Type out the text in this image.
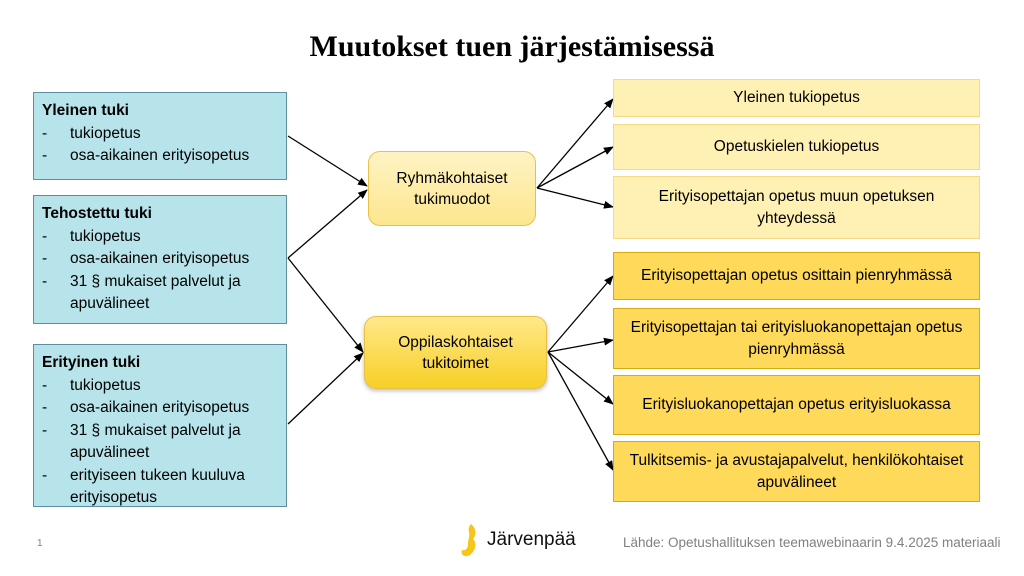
Muutokset tuen järjestämisessä
Yleinen tuki
- tukiopetus
- osa-aikainen erityisopetus
Tehostettu tuki
- tukiopetus
- osa-aikainen erityisopetus
- 31 § mukaiset palvelut ja apuvälineet
Erityinen tuki
- tukiopetus
- osa-aikainen erityisopetus
- 31 § mukaiset palvelut ja apuvälineet
- erityiseen tukeen kuuluva erityisopetus
Ryhmäkohtaiset tukimuodot
Oppilaskohtaiset tukitoimet
Yleinen tukiopetus
Opetuskielen tukiopetus
Erityisopettajan opetus muun opetuksen yhteydessä
Erityisopettajan opetus osittain pienryhmässä
Erityisopettajan tai erityisluokanopettajan opetus pienryhmässä
Erityisluokanopettajan opetus erityisluokassa
Tulkitsemis- ja avustajapalvelut, henkilökohtaiset apuvälineet
1	Järvenpää	Lähde: Opetushallituksen teemawebinaarin 9.4.2025 materiaali
